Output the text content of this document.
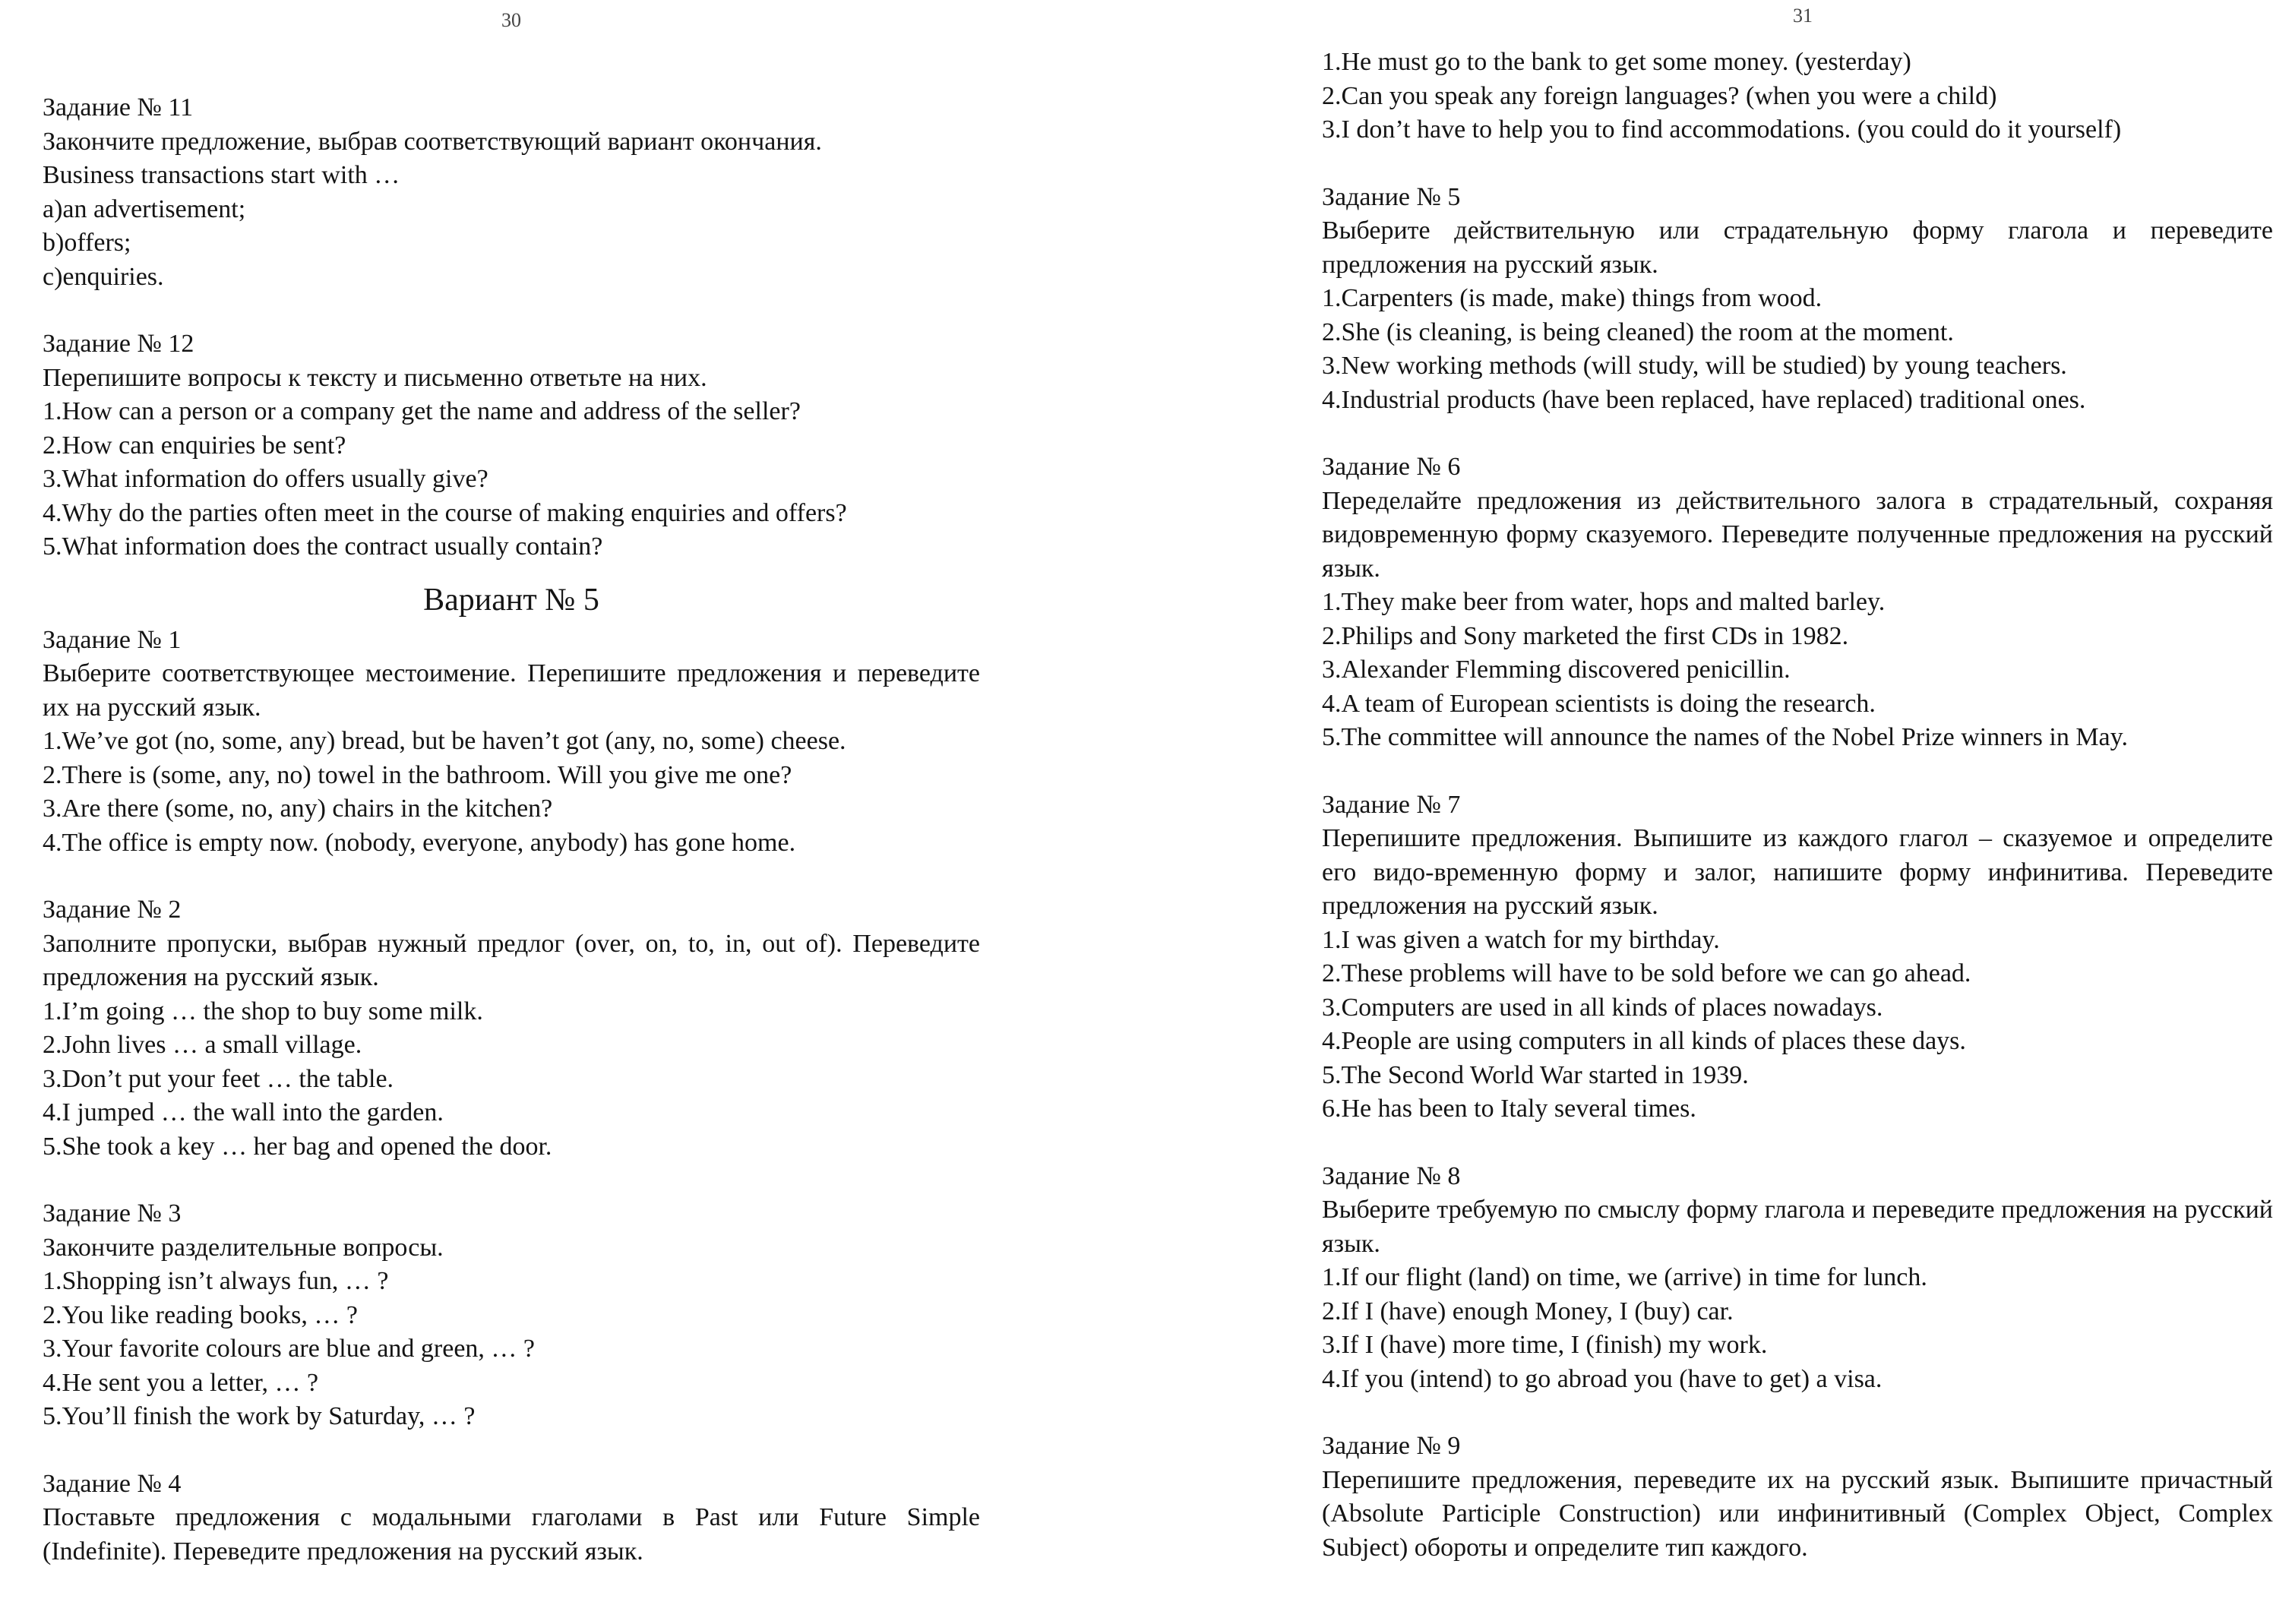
30
Задание № 11
Закончите предложение, выбрав соответствующий вариант окончания.
Business transactions start with …
a)an advertisement;
b)offers;
c)enquiries.
Задание № 12
Перепишите вопросы к тексту и письменно ответьте на них.
1.How can a person or a company get the name and address of the seller?
2.How can enquiries be sent?
3.What information do offers usually give?
4.Why do the parties often meet in the course of making enquiries and offers?
5.What information does the contract usually contain?
Вариант № 5
Задание № 1
Выберите соответствующее местоимение. Перепишите предложения и переведите их на русский язык.
1.We’ve got (no, some, any) bread, but be haven’t got (any, no, some) cheese.
2.There is (some, any, no) towel in the bathroom. Will you give me one?
3.Are there (some, no, any) chairs in the kitchen?
4.The office is empty now. (nobody, everyone, anybody) has gone home.
Задание № 2
Заполните пропуски, выбрав нужный предлог (over, on, to, in, out of). Переведите предложения на русский язык.
1.I’m going … the shop to buy some milk.
2.John lives … a small village.
3.Don’t put your feet … the table.
4.I jumped … the wall into the garden.
5.She took a key … her bag and opened the door.
Задание № 3
Закончите разделительные вопросы.
1.Shopping isn’t always fun, … ?
2.You like reading books, … ?
3.Your favorite colours are blue and green, … ?
4.He sent you a letter, … ?
5.You’ll finish the work by Saturday, … ?
Задание № 4
Поставьте предложения с модальными глаголами в Past или Future Simple (Indefinite). Переведите предложения на русский язык.
31
1.He must go to the bank to get some money. (yesterday)
2.Can you speak any foreign languages? (when you were a child)
3.I don’t have to help you to find accommodations. (you could do it yourself)
Задание № 5
Выберите действительную или страдательную форму глагола и переведите предложения на русский язык.
1.Carpenters (is made, make) things from wood.
2.She (is cleaning, is being cleaned) the room at the moment.
3.New working methods (will study, will be studied) by young teachers.
4.Industrial products (have been replaced, have replaced) traditional ones.
Задание № 6
Переделайте предложения из действительного залога в страдательный, сохраняя видовременную форму сказуемого. Переведите полученные предложения на русский язык.
1.They make beer from water, hops and malted barley.
2.Philips and Sony marketed the first CDs in 1982.
3.Alexander Flemming discovered penicillin.
4.A team of European scientists is doing the research.
5.The committee will announce the names of the Nobel Prize winners in May.
Задание № 7
Перепишите предложения. Выпишите из каждого глагол – сказуемое и определите его видо-временную форму и залог, напишите форму инфинитива. Переведите предложения на русский язык.
1.I was given a watch for my birthday.
2.These problems will have to be sold before we can go ahead.
3.Computers are used in all kinds of places nowadays.
4.People are using computers in all kinds of places these days.
5.The Second World War started in 1939.
6.He has been to Italy several times.
Задание № 8
Выберите требуемую по смыслу форму глагола и переведите предложения на русский язык.
1.If our flight (land) on time, we (arrive) in time for lunch.
2.If I (have) enough Money, I (buy) car.
3.If I (have) more time, I (finish) my work.
4.If you (intend) to go abroad you (have to get) a visa.
Задание № 9
Перепишите предложения, переведите их на русский язык. Выпишите причастный (Absolute Participle Construction) или инфинитивный (Complex Object, Complex Subject) обороты и определите тип каждого.
